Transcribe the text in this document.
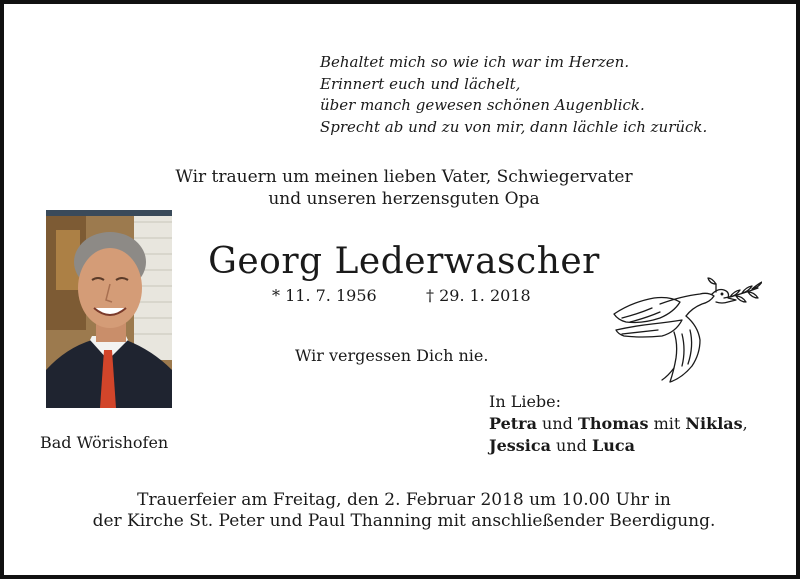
Behaltet mich so wie ich war im Herzen.
Erinnert euch und lächelt,
über manch gewesen schönen Augenblick.
Sprecht ab und zu von mir, dann lächle ich zurück.
Wir trauern um meinen lieben Vater, Schwiegervater
und unseren herzensguten Opa
Georg Lederwascher
* 11. 7. 1956	† 29. 1. 2018
Wir vergessen Dich nie.
In Liebe:
Petra und Thomas mit Niklas,
Jessica und Luca
Bad Wörishofen
Trauerfeier am Freitag, den 2. Februar 2018 um 10.00 Uhr in
der Kirche St. Peter und Paul Thanning mit anschließender Beerdigung.
